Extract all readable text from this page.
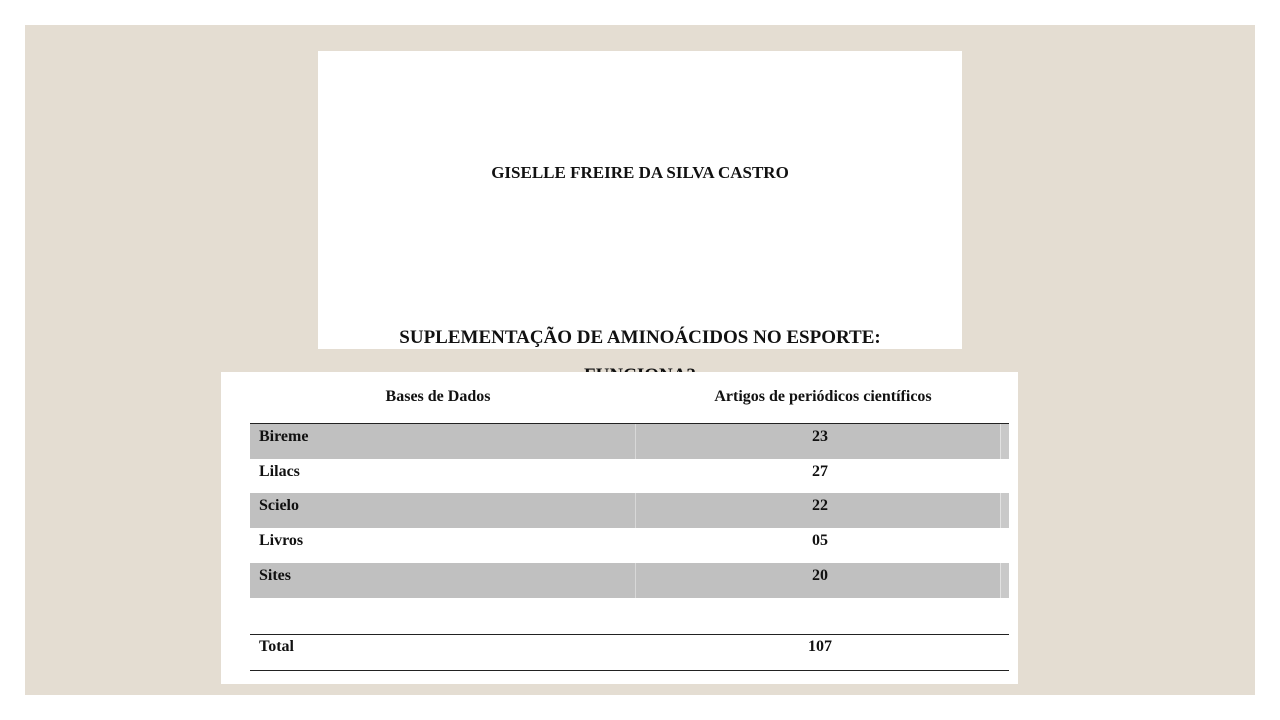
GISELLE FREIRE DA SILVA CASTRO
SUPLEMENTAÇÃO DE AMINOÁCIDOS NO ESPORTE:
Bases de Dados	Artigos de periódicos científicos
Bireme	23
Lilacs	27
Scielo	22
Livros	05
Sites	20
Total	107
